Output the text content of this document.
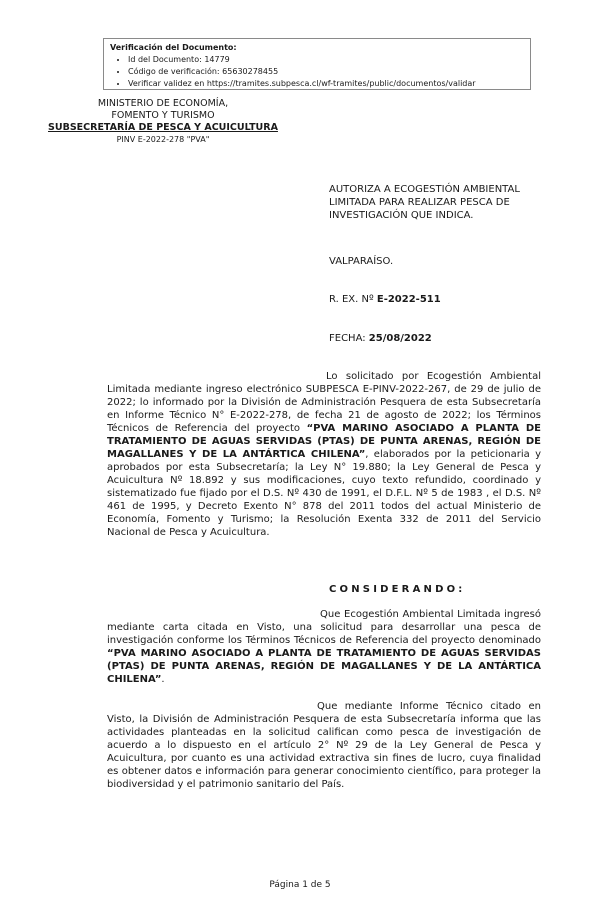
Verificación del Documento:
• Id del Documento: 14779
• Código de verificación: 65630278455
• Verificar validez en https://tramites.subpesca.cl/wf-tramites/public/documentos/validar
MINISTERIO DE ECONOMÍA,
FOMENTO Y TURISMO
SUBSECRETARÍA DE PESCA Y ACUICULTURA
PINV E-2022-278 "PVA"
AUTORIZA A ECOGESTIÓN AMBIENTAL
LIMITADA PARA REALIZAR PESCA DE
INVESTIGACIÓN QUE INDICA.
VALPARAÍSO.
R. EX. Nº E-2022-511
FECHA: 25/08/2022
Lo solicitado por Ecogestión Ambiental Limitada mediante ingreso electrónico SUBPESCA E-PINV-2022-267, de 29 de julio de 2022; lo informado por la División de Administración Pesquera de esta Subsecretaría en Informe Técnico N° E-2022-278, de fecha 21 de agosto de 2022; los Términos Técnicos de Referencia del proyecto “PVA MARINO ASOCIADO A PLANTA DE TRATAMIENTO DE AGUAS SERVIDAS (PTAS) DE PUNTA ARENAS, REGIÓN DE MAGALLANES Y DE LA ANTÁRTICA CHILENA”, elaborados por la peticionaria y aprobados por esta Subsecretaría; la Ley N° 19.880; la Ley General de Pesca y Acuicultura Nº 18.892 y sus modificaciones, cuyo texto refundido, coordinado y sistematizado fue fijado por el D.S. Nº 430 de 1991, el D.F.L. Nº 5 de 1983 , el D.S. Nº 461 de 1995, y Decreto Exento N° 878 del 2011 todos del actual Ministerio de Economía, Fomento y Turismo; la Resolución Exenta 332 de 2011 del Servicio Nacional de Pesca y Acuicultura.
CONSIDERANDO:
Que Ecogestión Ambiental Limitada ingresó mediante carta citada en Visto, una solicitud para desarrollar una pesca de investigación conforme los Términos Técnicos de Referencia del proyecto denominado “PVA MARINO ASOCIADO A PLANTA DE TRATAMIENTO DE AGUAS SERVIDAS (PTAS) DE PUNTA ARENAS, REGIÓN DE MAGALLANES Y DE LA ANTÁRTICA CHILENA”.
Que mediante Informe Técnico citado en Visto, la División de Administración Pesquera de esta Subsecretaría informa que las actividades planteadas en la solicitud califican como pesca de investigación de acuerdo a lo dispuesto en el artículo 2° Nº 29 de la Ley General de Pesca y Acuicultura, por cuanto es una actividad extractiva sin fines de lucro, cuya finalidad es obtener datos e información para generar conocimiento científico, para proteger la biodiversidad y el patrimonio sanitario del País.
Página 1 de 5
